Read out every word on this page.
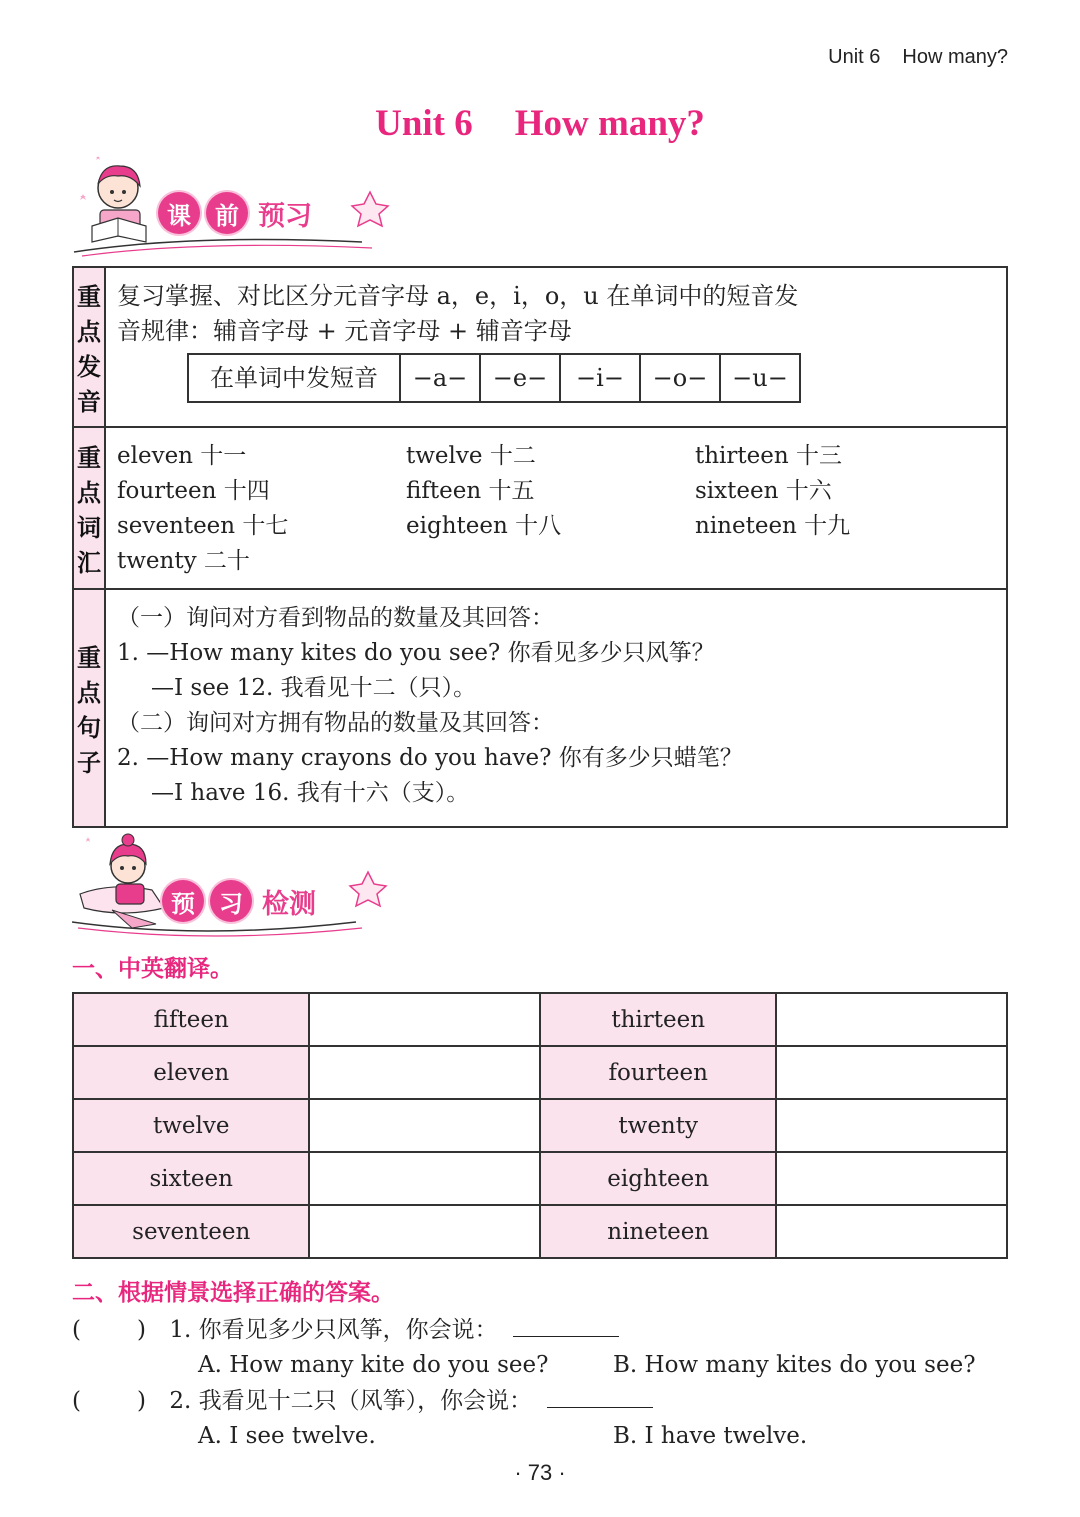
Unit 6 How many?
Unit 6 How many?
课	前 预习
重点发音	
复习掌握、对比区分元音字母 a，e，i，o，u 在单词中的短音发
音规律：辅音字母 + 元音字母 + 辅音字母
在单词中发短音	−a−	−e−	−i−	−o−	−u−

重点词汇	
eleven 十一	twelve 十二	thirteen 十三
fourteen 十四	fifteen 十五	sixteen 十六
seventeen 十七	eighteen 十八	nineteen 十九
twenty 二十

重点句子	
（一）询问对方看到物品的数量及其回答：
1. —How many kites do you see? 你看见多少只风筝？
—I see 12. 我看见十二（只）。
（二）询问对方拥有物品的数量及其回答：
2. —How many crayons do you have? 你有多少只蜡笔？
—I have 16. 我有十六（支）。
预	习 检测
一、中英翻译。
fifteen		thirteen	
eleven		fourteen	
twelve		twenty	
sixteen		eighteen	
seventeen		nineteen	
二、根据情景选择正确的答案。
( ) 1. 你看见多少只风筝，你会说：
A. How many kite do you see?	B. How many kites do you see?
( ) 2. 我看见十二只（风筝），你会说：
A. I see twelve.	B. I have twelve.
· 73 ·
